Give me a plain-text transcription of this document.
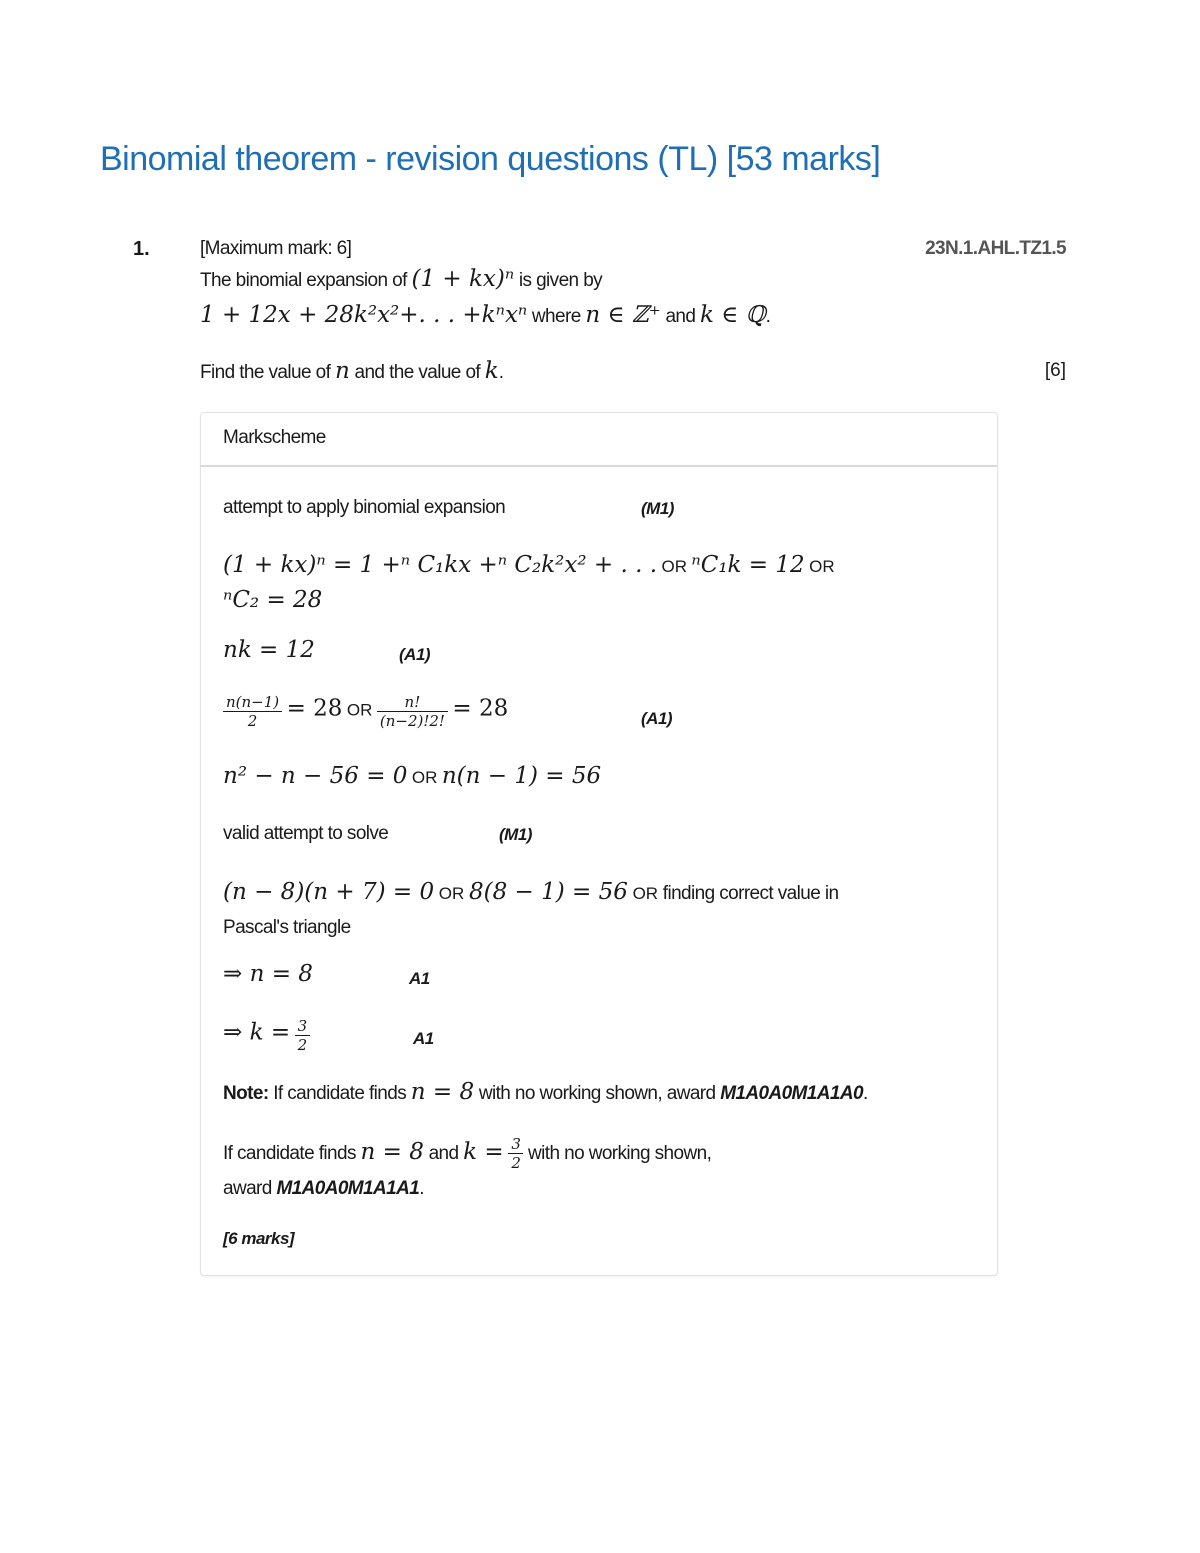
Binomial theorem - revision questions (TL) [53 marks]
1.	[Maximum mark: 6]	23N.1.AHL.TZ1.5
The binomial expansion of (1 + kx)ⁿ is given by
1 + 12x + 28k²x²+. . . +kⁿxⁿ where n ∈ ℤ⁺ and k ∈ ℚ.
Find the value of n and the value of k.	[6]
Markscheme
attempt to apply binomial expansion	(M1)
(1 + kx)ⁿ = 1 +ⁿ C₁kx +ⁿ C₂k²x² + . . . OR ⁿC₁k = 12 OR
ⁿC₂ = 28
nk = 12	(A1)
$\frac{n(n-1)}{2} = 28$ OR $\frac{n!}{(n-2)!2!} = 28$	(A1)
n² − n − 56 = 0 OR n(n − 1) = 56
valid attempt to solve	(M1)
(n − 8)(n + 7) = 0 OR 8(8 − 1) = 56 OR finding correct value in
Pascal's triangle
⇒ n = 8	A1
⇒ $k = \frac{3}{2}$	A1
Note: If candidate finds n = 8 with no working shown, award M1A0A0M1A1A0.
If candidate finds n = 8 and $k = \frac{3}{2}$ with no working shown,
award M1A0A0M1A1A1.
[6 marks]
